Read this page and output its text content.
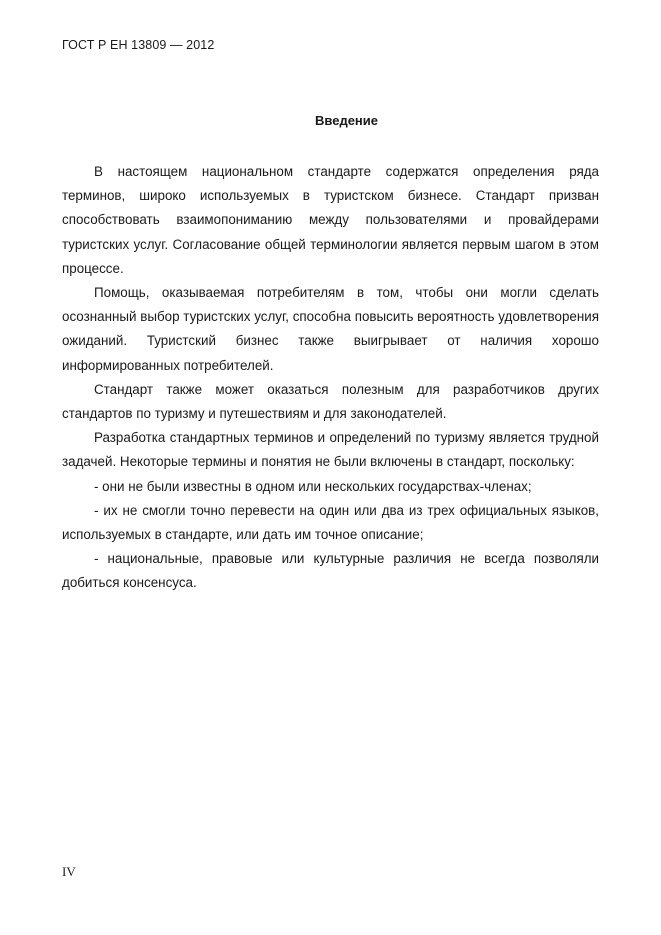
ГОСТ Р ЕН 13809 — 2012
Введение

В настоящем национальном стандарте содержатся определения ряда терминов, широко используемых в туристском бизнесе. Стандарт призван способствовать взаимопониманию между пользователями и провайдерами туристских услуг. Согласование общей терминологии является первым шагом в этом процессе.

Помощь, оказываемая потребителям в том, чтобы они могли сделать осознанный выбор туристских услуг, способна повысить вероятность удовлетворения ожиданий. Туристский бизнес также выигрывает от наличия хорошо информированных потребителей.

Стандарт также может оказаться полезным для разработчиков других стандартов по туризму и путешествиям и для законодателей.

Разработка стандартных терминов и определений по туризму является трудной задачей. Некоторые термины и понятия не были включены в стандарт, поскольку:

- они не были известны в одном или нескольких государствах-членах;

- их не смогли точно перевести на один или два из трех официальных языков, используемых в стандарте, или дать им точное описание;

- национальные, правовые или культурные различия не всегда позволяли добиться консенсуса.

IV
